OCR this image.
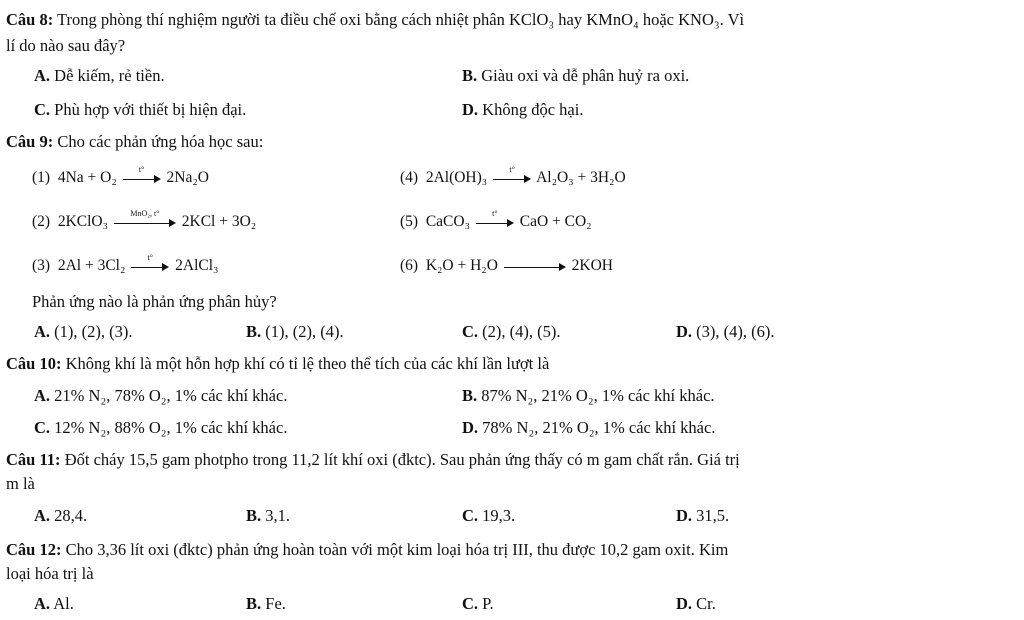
Câu 8: Trong phòng thí nghiệm người ta điều chế oxi bằng cách nhiệt phân KClO₃ hay KMnO₄ hoặc KNO₃. Vì
lí do nào sau đây?
A. Dễ kiếm, rẻ tiền.	B. Giàu oxi và dễ phân huỷ ra oxi.
C. Phù hợp với thiết bị hiện đại.	D. Không độc hại.
Câu 9: Cho các phản ứng hóa học sau:
(1) 4Na + O₂	t°	2Na₂O	(4) 2Al(OH)₃	t°	Al₂O₃ + 3H₂O
(2) 2KClO₃	MnO₂, t°	2KCl + 3O₂	(5) CaCO₃	t°	CaO + CO₂
(3) 2Al + 3Cl₂	t°	2AlCl₃	(6) K₂O + H₂O	2KOH
Phản ứng nào là phản ứng phân hủy?
A. (1), (2), (3).	B. (1), (2), (4).	C. (2), (4), (5).	D. (3), (4), (6).
Câu 10: Không khí là một hỗn hợp khí có tỉ lệ theo thể tích của các khí lần lượt là
A. 21% N₂, 78% O₂, 1% các khí khác.	B. 87% N₂, 21% O₂, 1% các khí khác.
C. 12% N₂, 88% O₂, 1% các khí khác.	D. 78% N₂, 21% O₂, 1% các khí khác.
Câu 11: Đốt cháy 15,5 gam photpho trong 11,2 lít khí oxi (đktc). Sau phản ứng thấy có m gam chất rắn. Giá trị
m là
A. 28,4.	B. 3,1.	C. 19,3.	D. 31,5.
Câu 12: Cho 3,36 lít oxi (đktc) phản ứng hoàn toàn với một kim loại hóa trị III, thu được 10,2 gam oxit. Kim
loại hóa trị là
A. Al.	B. Fe.	C. P.	D. Cr.
